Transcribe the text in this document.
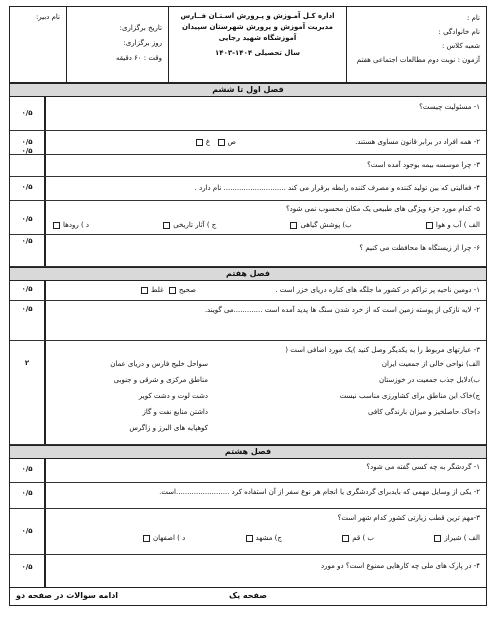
نام :
نام خانوادگی :
شعبه کلاس :
آزمون : نوبت دوم مطالعات اجتماعی هفتم
اداره کـل آمـوزش و پـرورش اسـتـان فــارس
مدیریت آموزش و پرورش شهرستان سپیدان
آموزشگاه شهید رجایی
سال تحصیلی ۱۴۰۴-۱۴۰۳
تاریخ برگزاری:
روز برگزاری:
وقت : ۶۰ دقیقه
نام دبیر:
فصل اول تا ششم
۱- مسئولیت چیست؟
۰/۵
۲- همه افراد در برابر قانون مساوی هستند.
ص  غ
۰/۵
۳- چرا موسسه بیمه بوجود آمده است؟
۰/۵
۴- فعالیتی که بین تولید کننده و مصرف کننده رابطه برقرار می کند ............................ نام دارد .
۰/۵
۵- کدام مورد جزء ویژگی های طبیعی یک مکان محسوب نمی شود؟
الف ) آب و هوا
ب) پوشش گیاهی
ج ) آثار تاریخی
د ) رودها
۰/۵
۶- چرا از زیستگاه ها محافظت می کنیم ؟
۰/۵
فصل هفتم
۱- دومین ناحیه پر تراکم در کشور ما جلگه های کناره دریای خزر است .
صحیح غلط
۰/۵
۲- لایه نازکی از پوسته زمین است که از خرد شدن سنگ ها پدید آمده است .............می گویند.
۰/۵
۳- عبارتهای مربوط را به یکدیگر وصل کنید )یک مورد اضافی است (
الف) نواحی خالی از جمعیت ایران
ب)دلایل جذب جمعیت در خوزستان
ج)خاک این مناطق برای کشاورزی مناسب نیست
د)خاک حاصلخیز و میزان بارندگی کافی
سواحل خلیج فارس و دریای عمان
مناطق مرکزی و شرقی و جنوبی
دشت لوت و دشت کویر
داشتن منابع نفت و گاز
کوهپایه های البرز و زاگرس
۲
فصل هشتم
۱- گردشگر به چه کسی گفته می شود؟
۰/۵
۲- یکی از وسایل مهمی که بایدبرای گردشگری یا انجام هر نوع سفر از آن استفاده کرد ........................است.
۰/۵
۳-مهم ترین قطب زیارتی کشور کدام شهر است؟
الف ) شیراز
ب ) قم
ج) مشهد
د ) اصفهان
۰/۵
۴- در پارک های ملی چه کارهایی ممنوع است؟ دو مورد
۰/۵
صفحه یک
ادامه سوالات در صفحه دو
